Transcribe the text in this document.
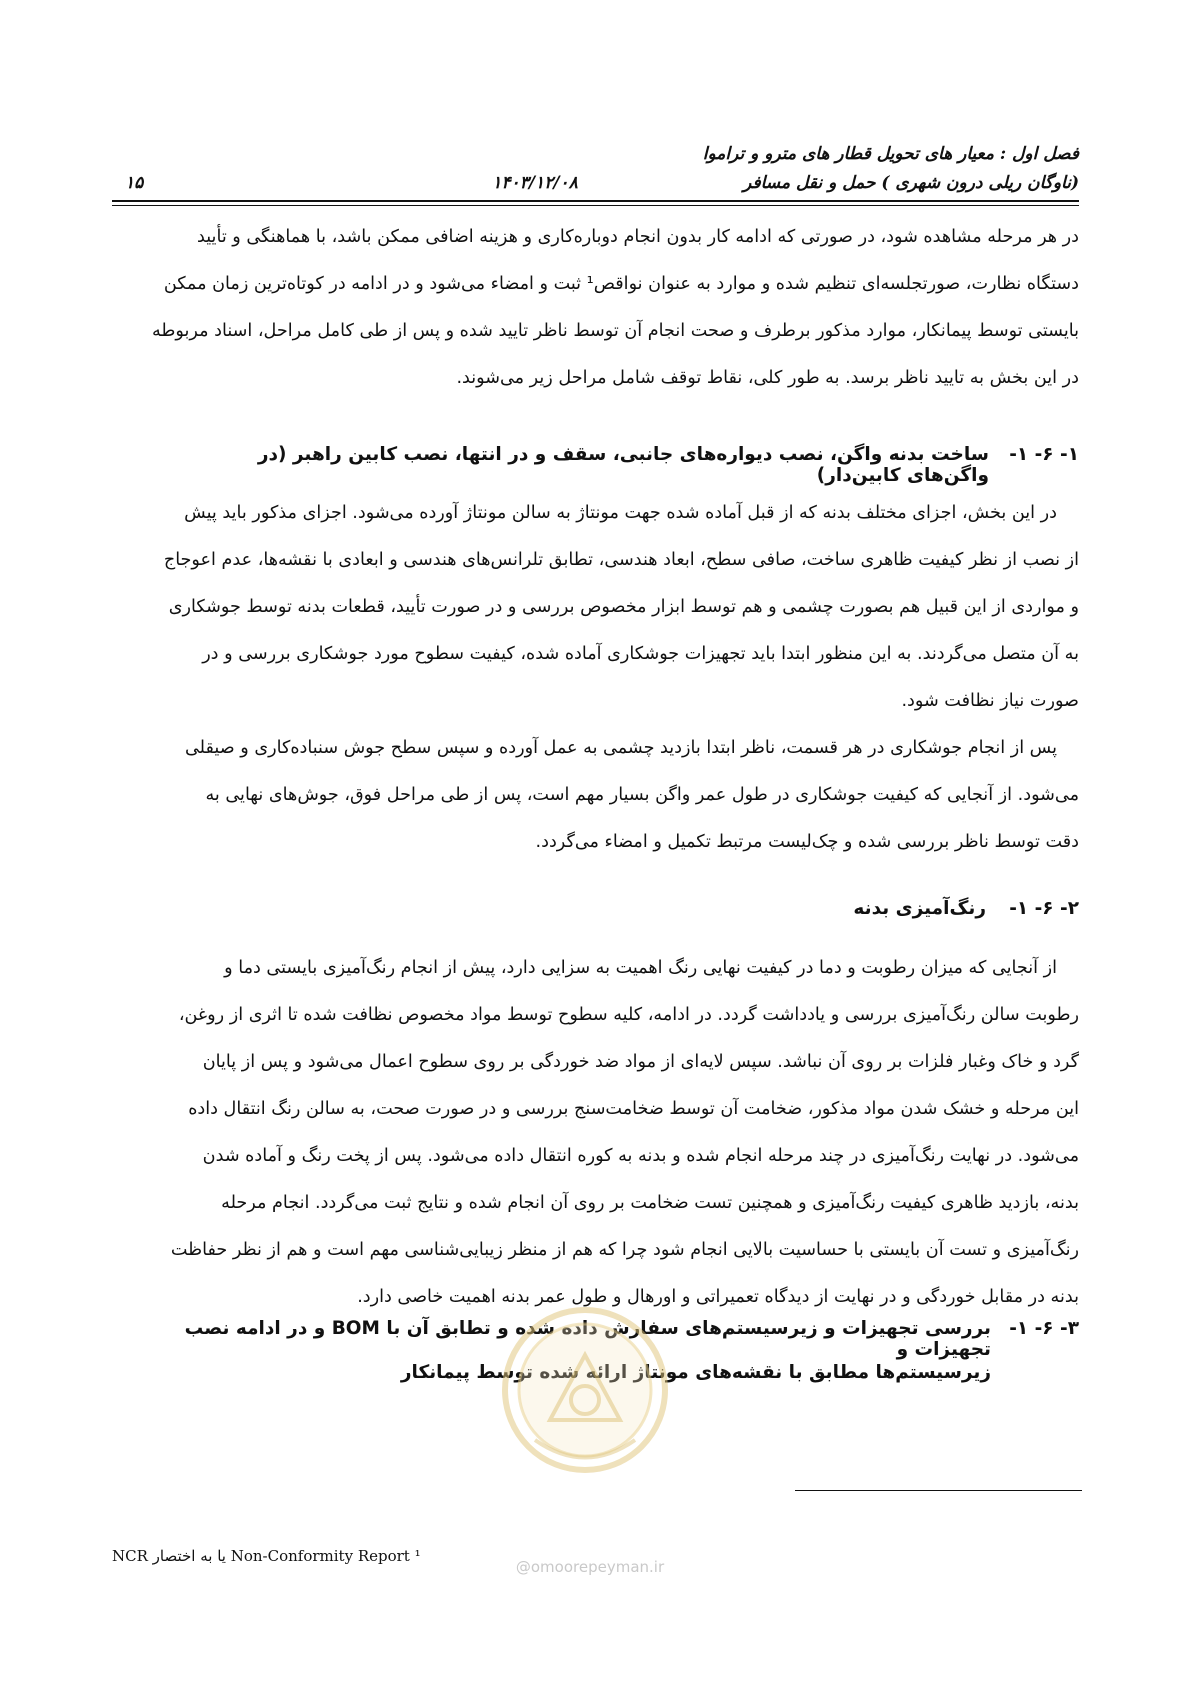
فصل اول : معیار های تحویل قطار های مترو و تراموا
(ناوگان ریلی درون شهری ) حمل و نقل مسافر
۱۴۰۳/۱۲/۰۸
۱۵

در هر مرحله مشاهده شود، در صورتی که ادامه کار بدون انجام دوباره‌کاری و هزینه اضافی ممکن باشد، با هماهنگی و تأیید

دستگاه نظارت، صورتجلسه‌ای تنظیم شده و موارد به عنوان نواقص¹ ثبت و امضاء می‌شود و در ادامه در کوتاه‌ترین زمان ممکن

بایستی توسط پیمانکار، موارد مذکور برطرف و صحت انجام آن توسط ناظر تایید شده و پس از طی کامل مراحل، اسناد مربوطه

در این بخش به تایید ناظر برسد. به طور کلی، نقاط توقف شامل مراحل زیر می‌شوند.

-۱ -۶ -۱
ساخت بدنه واگن، نصب دیواره‌های جانبی، سقف و در انتها، نصب کابین راهبر (در واگن‌های کابین‌دار)

در این بخش، اجزای مختلف بدنه که از قبل آماده شده جهت مونتاژ به سالن مونتاژ آورده می‌شود. اجزای مذکور باید پیش

از نصب از نظر کیفیت ظاهری ساخت، صافی سطح، ابعاد هندسی، تطابق تلرانس‌های هندسی و ابعادی با نقشه‌ها، عدم اعوجاج

و مواردی از این قبیل هم بصورت چشمی و هم توسط ابزار مخصوص بررسی و در صورت تأیید، قطعات بدنه توسط جوشکاری

به آن متصل می‌گردند. به این منظور ابتدا باید تجهیزات جوشکاری آماده شده، کیفیت سطوح مورد جوشکاری بررسی و در

صورت نیاز نظافت شود.

پس از انجام جوشکاری در هر قسمت، ناظر ابتدا بازدید چشمی به عمل آورده و سپس سطح جوش سنباده‌کاری و صیقلی

می‌شود. از آنجایی که کیفیت جوشکاری در طول عمر واگن بسیار مهم است، پس از طی مراحل فوق، جوش‌های نهایی به

دقت توسط ناظر بررسی شده و چک‌لیست مرتبط تکمیل و امضاء می‌گردد.

-۱ -۶ -۲
رنگ‌آمیزی بدنه

از آنجایی که میزان رطوبت و دما در کیفیت نهایی رنگ اهمیت به سزایی دارد، پیش از انجام رنگ‌آمیزی بایستی دما و

رطوبت سالن رنگ‌آمیزی بررسی و یادداشت گردد. در ادامه، کلیه سطوح توسط مواد مخصوص نظافت شده تا اثری از روغن،

گرد و خاک وغبار فلزات بر روی آن نباشد. سپس لایه‌ای از مواد ضد خوردگی بر روی سطوح اعمال می‌شود و پس از پایان

این مرحله و خشک شدن مواد مذکور، ضخامت آن توسط ضخامت‌سنج بررسی و در صورت صحت، به سالن رنگ انتقال داده

می‌شود. در نهایت رنگ‌آمیزی در چند مرحله انجام شده و بدنه به کوره انتقال داده می‌شود. پس از پخت رنگ و آماده شدن

بدنه، بازدید ظاهری کیفیت رنگ‌آمیزی و همچنین تست ضخامت بر روی آن انجام شده و نتایج ثبت می‌گردد. انجام مرحله

رنگ‌آمیزی و تست آن بایستی با حساسیت بالایی انجام شود چرا که هم از منظر زیبایی‌شناسی مهم است و هم از نظر حفاظت

بدنه در مقابل خوردگی و در نهایت از دیدگاه تعمیراتی و اورهال و طول عمر بدنه اهمیت خاصی دارد.

-۱ -۶ -۳
بررسی تجهیزات و زیرسیستم‌های سفارش داده شده و تطابق آن با BOM و در ادامه نصب تجهیزات و
زیرسیستم‌ها مطابق با نقشه‌های مونتاژ ارائه شده توسط پیمانکار
¹ Non-Conformity Report یا به اختصار NCR
@omoorepeyman.ir
